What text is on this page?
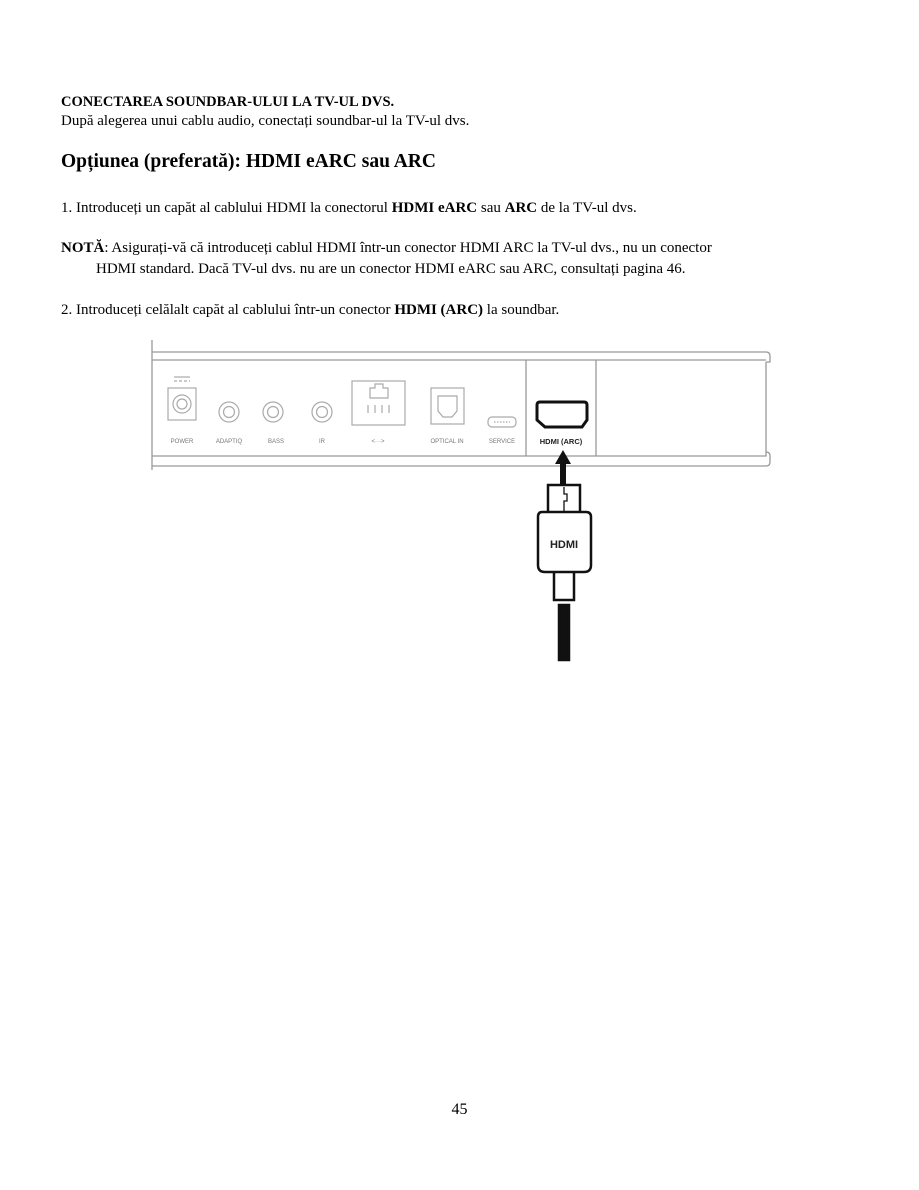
CONECTAREA SOUNDBAR-ULUI LA TV-UL DVS.
După alegerea unui cablu audio, conectați soundbar-ul la TV-ul dvs.
Opțiunea (preferată): HDMI eARC sau ARC
1. Introduceți un capăt al cablului HDMI la conectorul HDMI eARC sau ARC de la TV-ul dvs.
NOTĂ: Asigurați-vă că introduceți cablul HDMI într-un conector HDMI ARC la TV-ul dvs., nu un conector
HDMI standard. Dacă TV-ul dvs. nu are un conector HDMI eARC sau ARC, consultați pagina 46.
2. Introduceți celălalt capăt al cablului într-un conector HDMI (ARC) la soundbar.
POWER	ADAPTIQ	BASS	IR	<···>	OPTICAL IN	SERVICE	HDMI (ARC)
HDMI
45
